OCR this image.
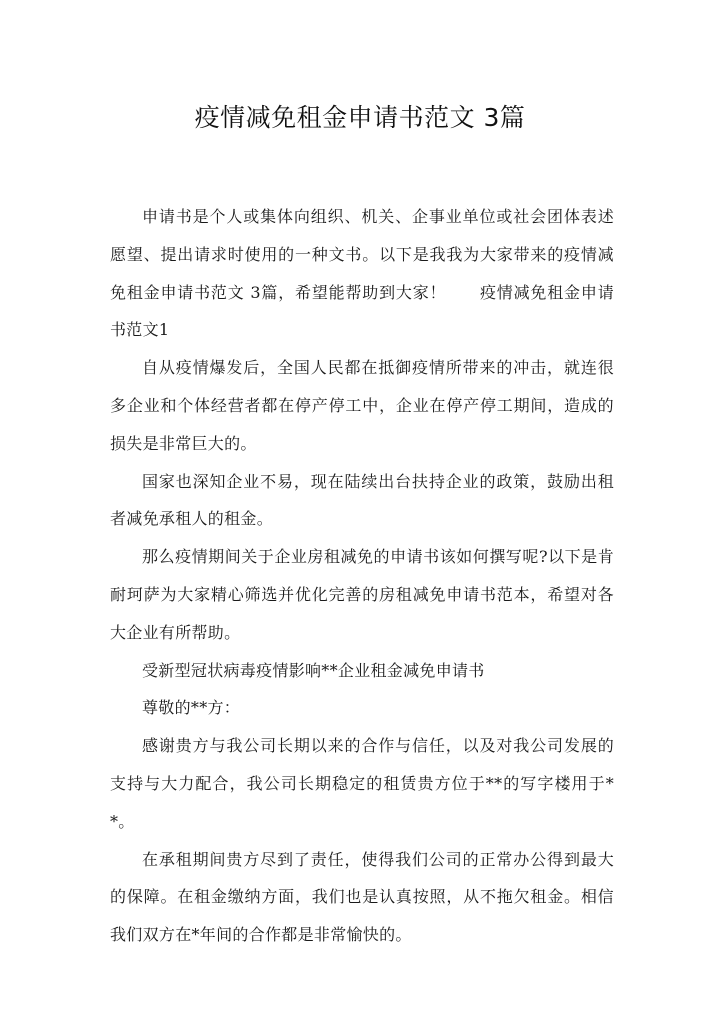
疫情减免租金申请书范文 3篇

申请书是个人或集体向组织、机关、企事业单位或社会团体表述愿望、提出请求时使用的一种文书。以下是我我为大家带来的疫情减免租金申请书范文 3篇，希望能帮助到大家！　　疫情减免租金申请书范文1

自从疫情爆发后，全国人民都在抵御疫情所带来的冲击，就连很多企业和个体经营者都在停产停工中，企业在停产停工期间，造成的损失是非常巨大的。

国家也深知企业不易，现在陆续出台扶持企业的政策，鼓励出租者减免承租人的租金。

那么疫情期间关于企业房租减免的申请书该如何撰写呢?以下是肯耐珂萨为大家精心筛选并优化完善的房租减免申请书范本，希望对各大企业有所帮助。

受新型冠状病毒疫情影响**企业租金减免申请书

尊敬的**方：

感谢贵方与我公司长期以来的合作与信任，以及对我公司发展的支持与大力配合，我公司长期稳定的租赁贵方位于**的写字楼用于**。

在承租期间贵方尽到了责任，使得我们公司的正常办公得到最大的保障。在租金缴纳方面，我们也是认真按照，从不拖欠租金。相信我们双方在*年间的合作都是非常愉快的。
